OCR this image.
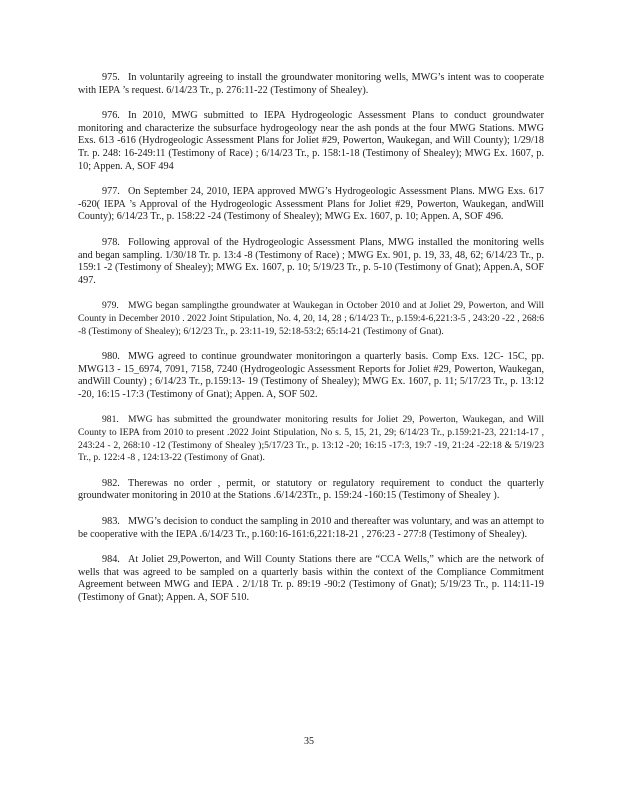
975. In voluntarily agreeing to install the groundwater monitoring wells, MWG’s intent was to cooperate with IEPA ’s request. 6/14/23 Tr., p. 276:11-22 (Testimony of Shealey).

976. In 2010, MWG submitted to IEPA Hydrogeologic Assessment Plans to conduct groundwater monitoring and characterize the subsurface hydrogeology near the ash ponds at the four MWG Stations. MWG Exs. 613 -616 (Hydrogeologic Assessment Plans for Joliet #29, Powerton, Waukegan, and Will County); 1/29/18 Tr. p. 248: 16-249:11 (Testimony of Race) ; 6/14/23 Tr., p. 158:1-18 (Testimony of Shealey); MWG Ex. 1607, p. 10; Appen. A, SOF 494

977. On September 24, 2010, IEPA approved MWG’s Hydrogeologic Assessment Plans. MWG Exs. 617 -620( IEPA ’s Approval of the Hydrogeologic Assessment Plans for Joliet #29, Powerton, Waukegan, andWill County); 6/14/23 Tr., p. 158:22 -24 (Testimony of Shealey); MWG Ex. 1607, p. 10; Appen. A, SOF 496.

978. Following approval of the Hydrogeologic Assessment Plans, MWG installed the monitoring wells and began sampling. 1/30/18 Tr. p. 13:4 -8 (Testimony of Race) ; MWG Ex. 901, p. 19, 33, 48, 62; 6/14/23 Tr., p. 159:1 -2 (Testimony of Shealey); MWG Ex. 1607, p. 10; 5/19/23 Tr., p. 5-10 (Testimony of Gnat); Appen.A, SOF 497.

979. MWG began samplingthe groundwater at Waukegan in October 2010 and at Joliet 29, Powerton, and Will County in December 2010 . 2022 Joint Stipulation, No. 4, 20, 14, 28 ; 6/14/23 Tr., p.159:4-6,221:3-5 , 243:20 -22 , 268:6 -8 (Testimony of Shealey); 6/12/23 Tr., p. 23:11-19, 52:18-53:2; 65:14-21 (Testimony of Gnat).

980. MWG agreed to continue groundwater monitoringon a quarterly basis. Comp Exs. 12C- 15C, pp. MWG13 - 15_6974, 7091, 7158, 7240 (Hydrogeologic Assessment Reports for Joliet #29, Powerton, Waukegan, andWill County) ; 6/14/23 Tr., p.159:13- 19 (Testimony of Shealey); MWG Ex. 1607, p. 11; 5/17/23 Tr., p. 13:12 -20, 16:15 -17:3 (Testimony of Gnat); Appen. A, SOF 502.

981. MWG has submitted the groundwater monitoring results for Joliet 29, Powerton, Waukegan, and Will County to IEPA from 2010 to present .2022 Joint Stipulation, No s. 5, 15, 21, 29; 6/14/23 Tr., p.159:21-23, 221:14-17 , 243:24 - 2, 268:10 -12 (Testimony of Shealey );5/17/23 Tr., p. 13:12 -20; 16:15 -17:3, 19:7 -19, 21:24 -22:18 & 5/19/23 Tr., p. 122:4 -8 , 124:13-22 (Testimony of Gnat).

982. Therewas no order , permit, or statutory or regulatory requirement to conduct the quarterly groundwater monitoring in 2010 at the Stations .6/14/23Tr., p. 159:24 -160:15 (Testimony of Shealey ).

983. MWG’s decision to conduct the sampling in 2010 and thereafter was voluntary, and was an attempt to be cooperative with the IEPA .6/14/23 Tr., p.160:16-161:6,221:18-21 , 276:23 - 277:8 (Testimony of Shealey).

984. At Joliet 29,Powerton, and Will County Stations there are “CCA Wells,” which are the network of wells that was agreed to be sampled on a quarterly basis within the context of the Compliance Commitment Agreement between MWG and IEPA . 2/1/18 Tr. p. 89:19 -90:2 (Testimony of Gnat); 5/19/23 Tr., p. 114:11-19 (Testimony of Gnat); Appen. A, SOF 510.

35
